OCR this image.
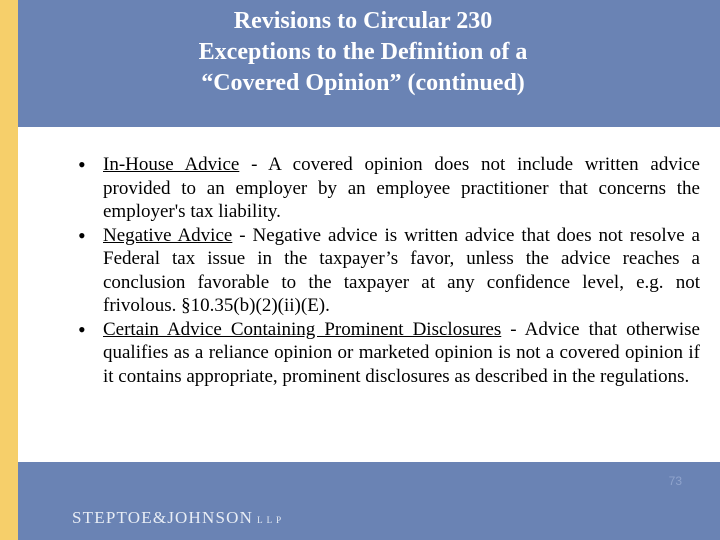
Revisions to Circular 230
Exceptions to the Definition of a
“Covered Opinion” (continued)
• In-House Advice - A covered opinion does not include written advice provided to an employer by an employee practitioner that concerns the employer's tax liability.
• Negative Advice - Negative advice is written advice that does not resolve a Federal tax issue in the taxpayer’s favor, unless the advice reaches a conclusion favorable to the taxpayer at any confidence level, e.g. not frivolous. §10.35(b)(2)(ii)(E).
• Certain Advice Containing Prominent Disclosures - Advice that otherwise qualifies as a reliance opinion or marketed opinion is not a covered opinion if it contains appropriate, prominent disclosures as described in the regulations.
73
STEPTOE&JOHNSON LLP
